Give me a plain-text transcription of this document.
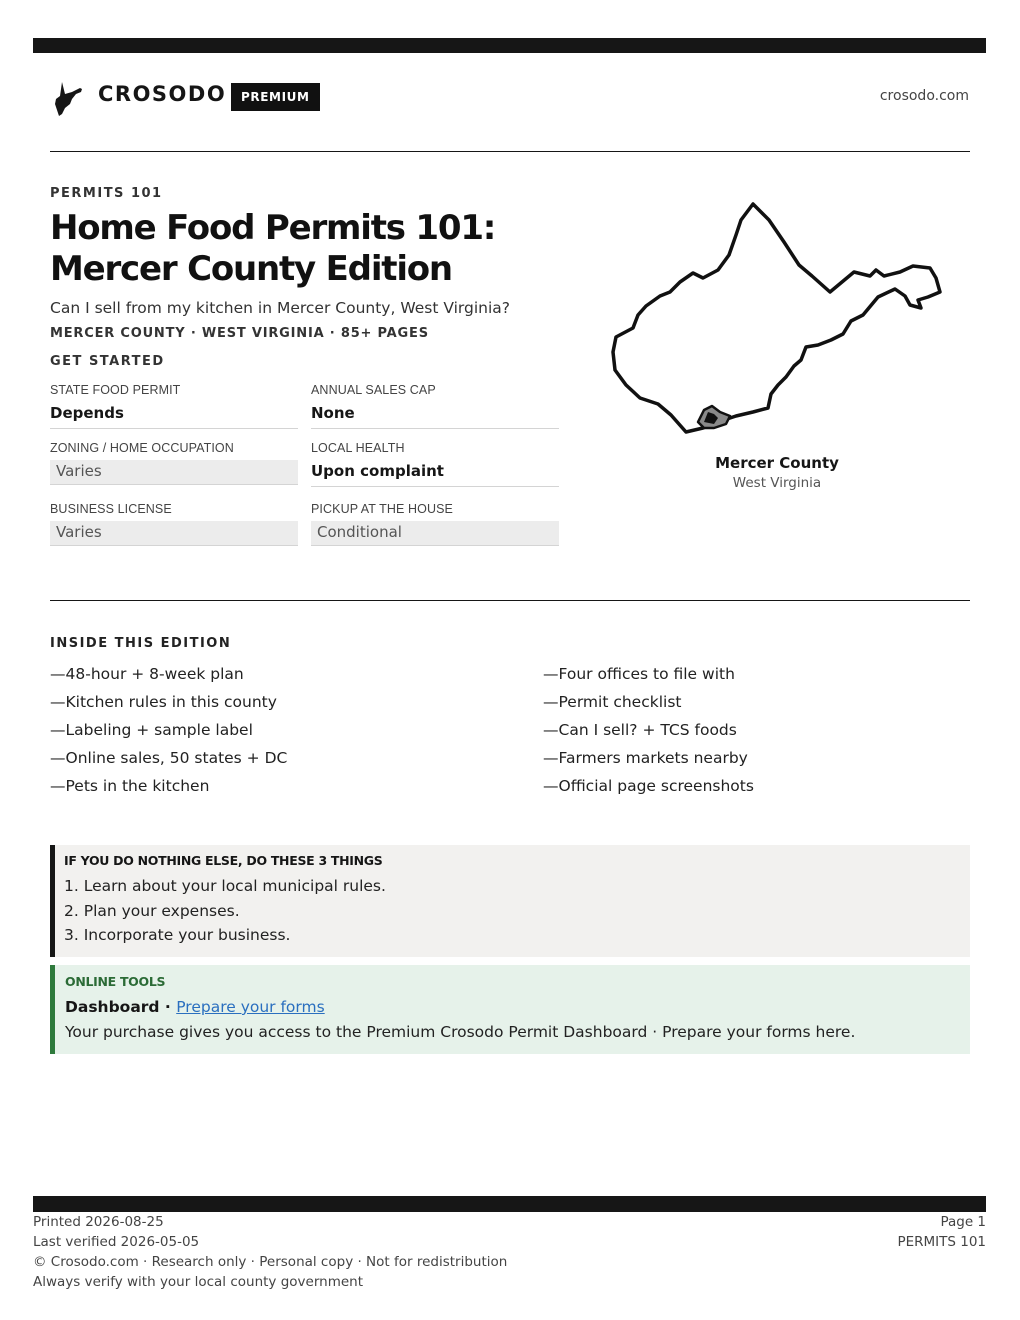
CROSODO	PREMIUM	crosodo.com
PERMITS 101
Home Food Permits 101: Mercer County Edition
Can I sell from my kitchen in Mercer County, West Virginia?
MERCER COUNTY · WEST VIRGINIA · 85+ PAGES
GET STARTED
STATE FOOD PERMIT
Depends
ANNUAL SALES CAP
None
ZONING / HOME OCCUPATION
Varies
LOCAL HEALTH
Upon complaint
BUSINESS LICENSE
Varies
PICKUP AT THE HOUSE
Conditional
Mercer County
West Virginia
INSIDE THIS EDITION
—48-hour + 8-week plan
—Kitchen rules in this county
—Labeling + sample label
—Online sales, 50 states + DC
—Pets in the kitchen
—Four offices to file with
—Permit checklist
—Can I sell? + TCS foods
—Farmers markets nearby
—Official page screenshots
IF YOU DO NOTHING ELSE, DO THESE 3 THINGS
1. Learn about your local municipal rules.
2. Plan your expenses.
3. Incorporate your business.
ONLINE TOOLS
Dashboard · Prepare your forms
Your purchase gives you access to the Premium Crosodo Permit Dashboard · Prepare your forms here.
Printed 2026-08-25
Last verified 2026-05-05
© Crosodo.com · Research only · Personal copy · Not for redistribution
Always verify with your local county government
Page 1
PERMITS 101
